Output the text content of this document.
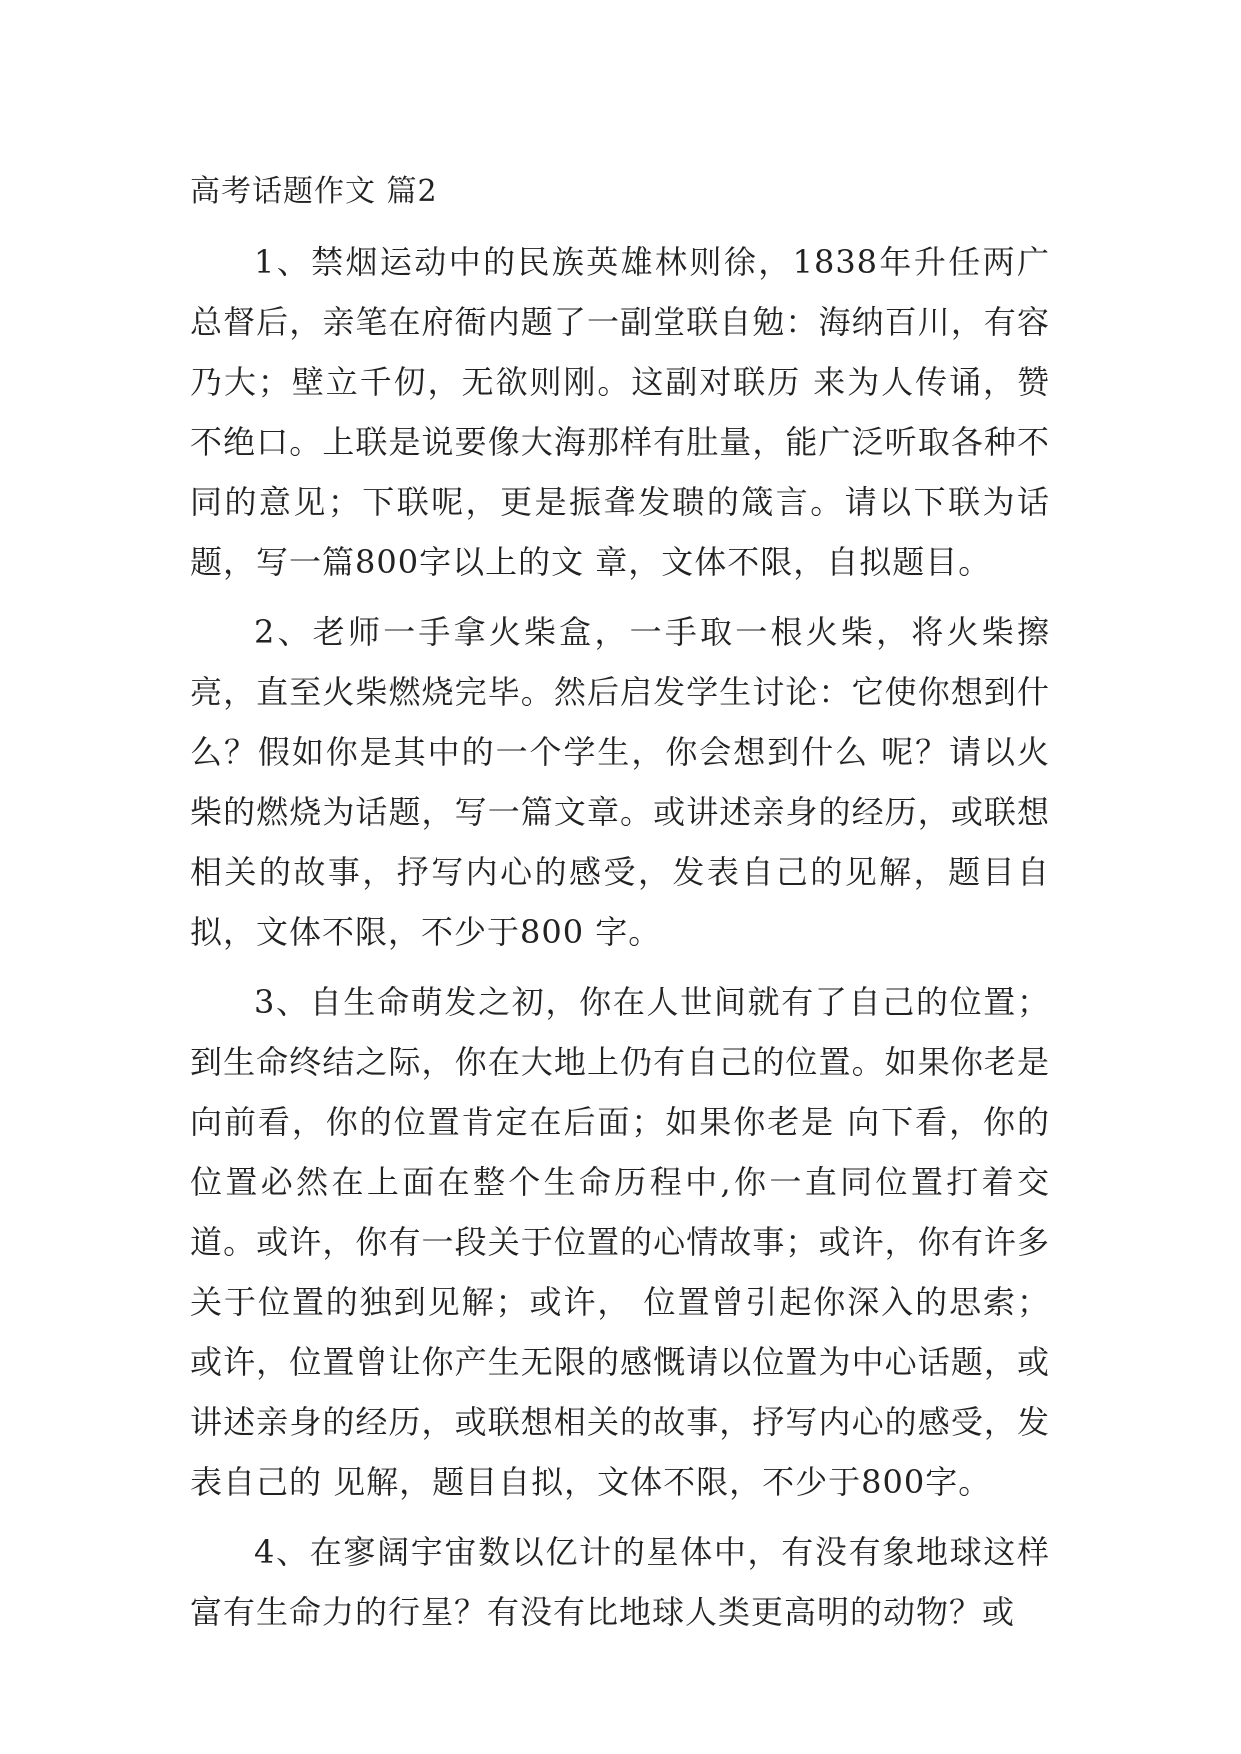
高考话题作文 篇2

1、禁烟运动中的民族英雄林则徐，1838年升任两广总督后，亲笔在府衙内题了一副堂联自勉：海纳百川，有容乃大；壁立千仞，无欲则刚。这副对联历 来为人传诵，赞不绝口。上联是说要像大海那样有肚量，能广泛听取各种不同的意见；下联呢，更是振聋发聩的箴言。请以下联为话题，写一篇800字以上的文 章，文体不限，自拟题目。

2、老师一手拿火柴盒，一手取一根火柴，将火柴擦亮，直至火柴燃烧完毕。然后启发学生讨论：它使你想到什么？假如你是其中的一个学生，你会想到什么 呢？请以火柴的燃烧为话题，写一篇文章。或讲述亲身的经历，或联想相关的故事，抒写内心的感受，发表自己的见解，题目自拟，文体不限，不少于800 字。

3、自生命萌发之初，你在人世间就有了自己的位置；到生命终结之际，你在大地上仍有自己的位置。如果你老是向前看，你的位置肯定在后面；如果你老是 向下看，你的位置必然在上面在整个生命历程中,你一直同位置打着交道。或许，你有一段关于位置的心情故事；或许，你有许多关于位置的独到见解；或许， 位置曾引起你深入的思索；或许，位置曾让你产生无限的感慨请以位置为中心话题，或讲述亲身的经历，或联想相关的故事，抒写内心的感受，发表自己的 见解，题目自拟，文体不限，不少于800字。

4、在寥阔宇宙数以亿计的星体中，有没有象地球这样富有生命力的行星？有没有比地球人类更高明的动物？或
